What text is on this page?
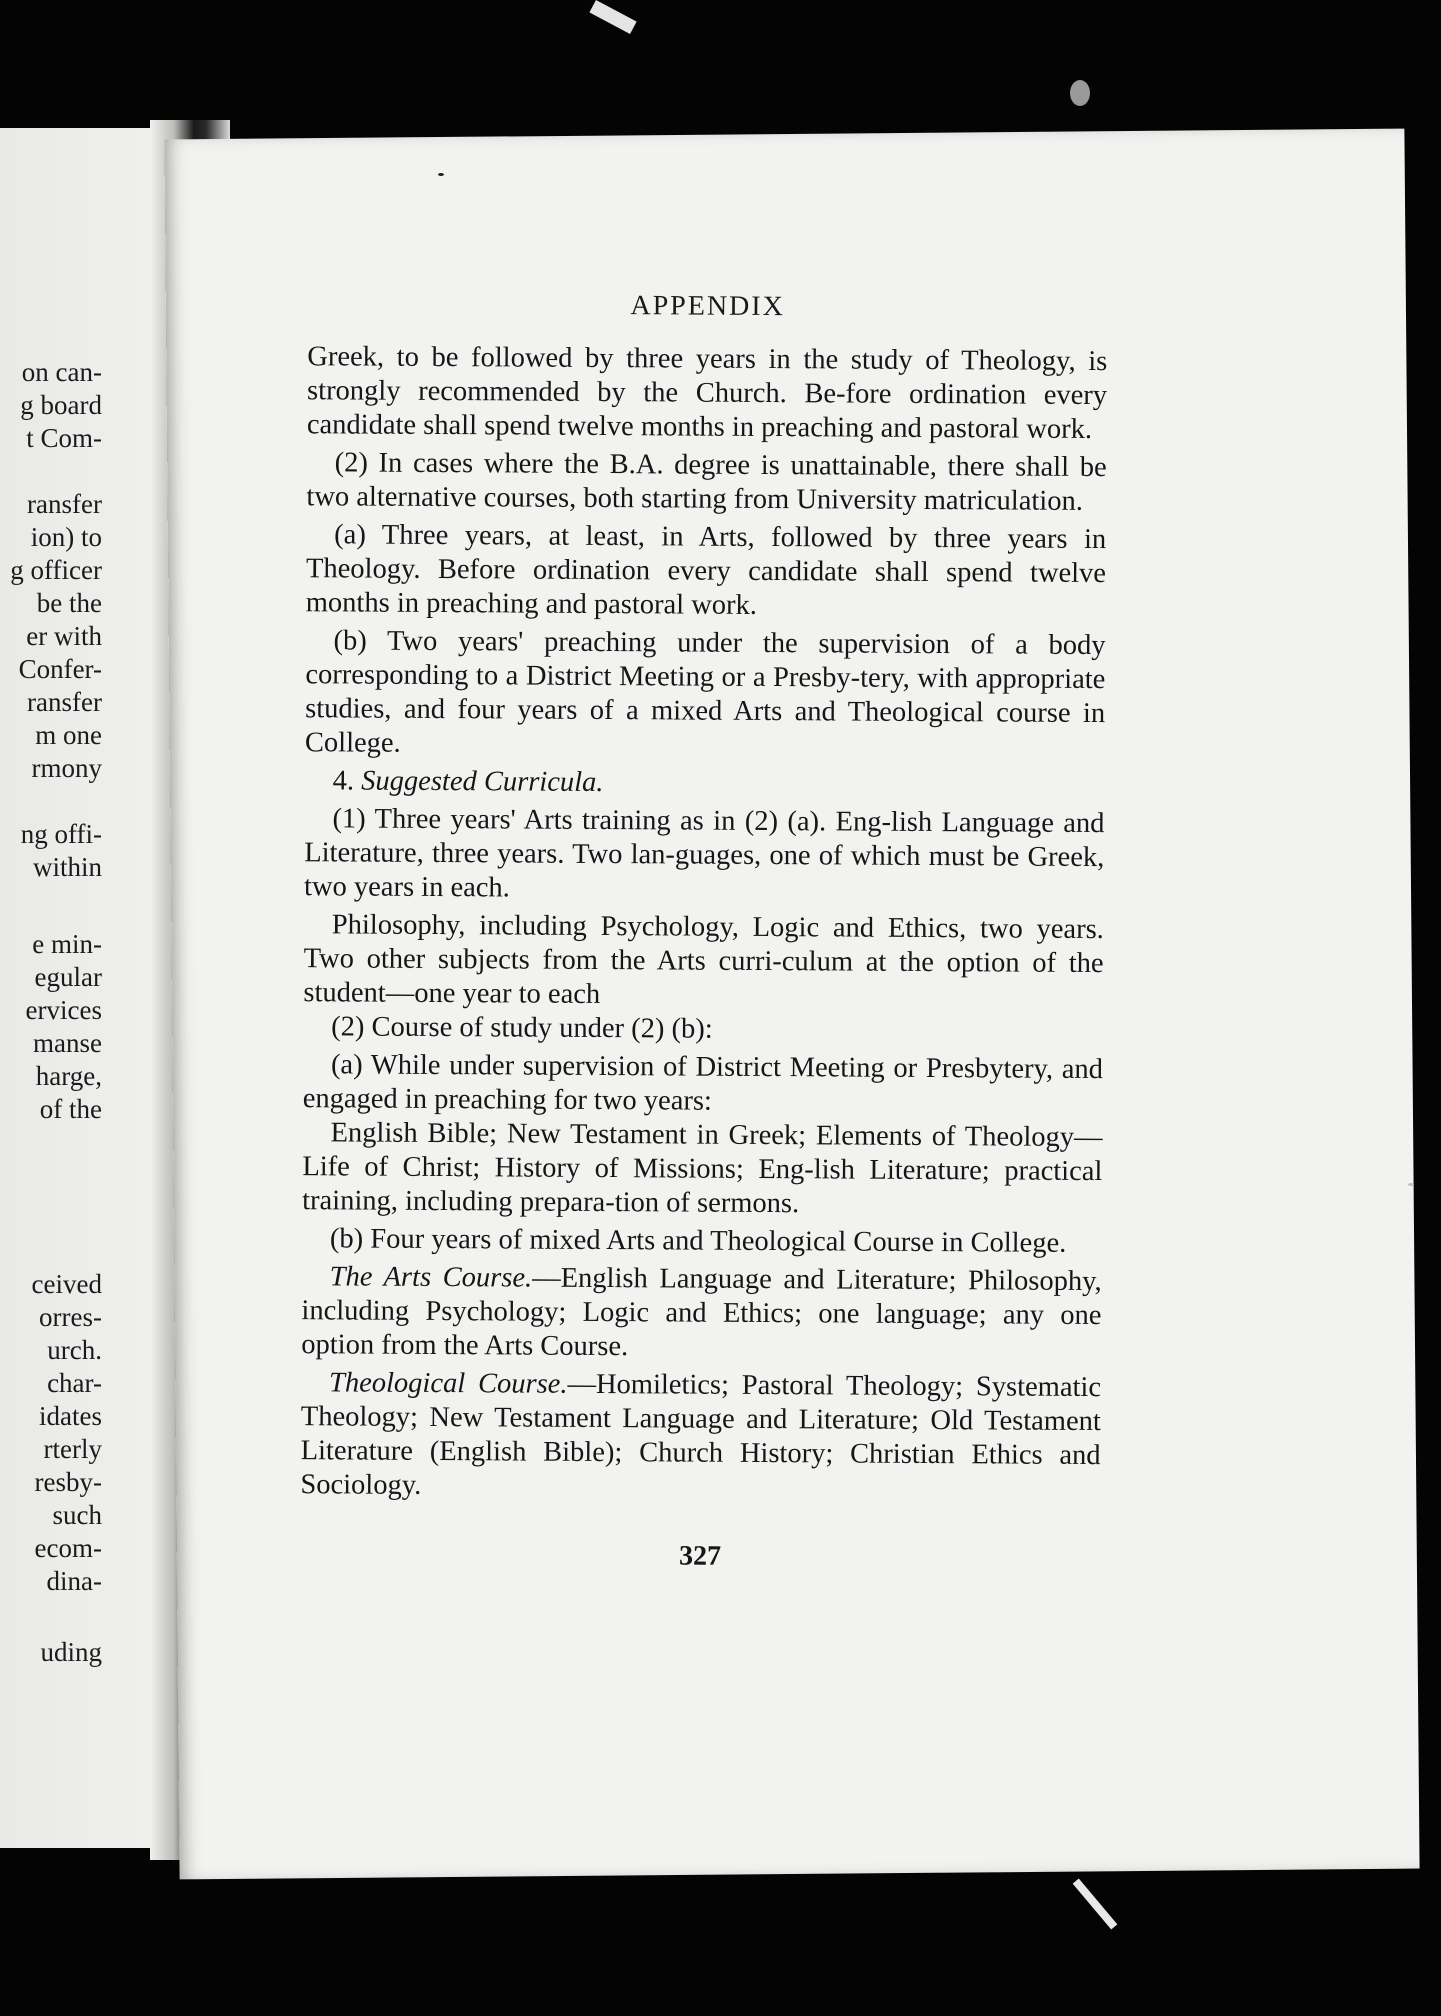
on can-
g board
t Com-
ransfer
ion) to
g officer
be the
er with
Confer-
ransfer
m one
rmony
ng offi-
within
e min-
egular
ervices
manse
harge,
of the
ceived
orres-
urch.
char-
idates
rterly
resby-
such
ecom-
dina-
uding
APPENDIX

Greek, to be followed by three years in the study of Theology, is strongly recommended by the Church. Be-fore ordination every candidate shall spend twelve months in preaching and pastoral work.

(2) In cases where the B.A. degree is unattainable, there shall be two alternative courses, both starting from University matriculation.

(a) Three years, at least, in Arts, followed by three years in Theology. Before ordination every candidate shall spend twelve months in preaching and pastoral work.

(b) Two years' preaching under the supervision of a body corresponding to a District Meeting or a Presby-tery, with appropriate studies, and four years of a mixed Arts and Theological course in College.

4. Suggested Curricula.

(1) Three years' Arts training as in (2) (a). Eng-lish Language and Literature, three years. Two lan-guages, one of which must be Greek, two years in each.

Philosophy, including Psychology, Logic and Ethics, two years. Two other subjects from the Arts curri-culum at the option of the student—one year to each

(2) Course of study under (2) (b):

(a) While under supervision of District Meeting or Presbytery, and engaged in preaching for two years:

English Bible; New Testament in Greek; Elements of Theology—Life of Christ; History of Missions; Eng-lish Literature; practical training, including prepara-tion of sermons.

(b) Four years of mixed Arts and Theological Course in College.

The Arts Course.—English Language and Literature; Philosophy, including Psychology; Logic and Ethics; one language; any one option from the Arts Course.

Theological Course.—Homiletics; Pastoral Theology; Systematic Theology; New Testament Language and Literature; Old Testament Literature (English Bible); Church History; Christian Ethics and Sociology.

327
